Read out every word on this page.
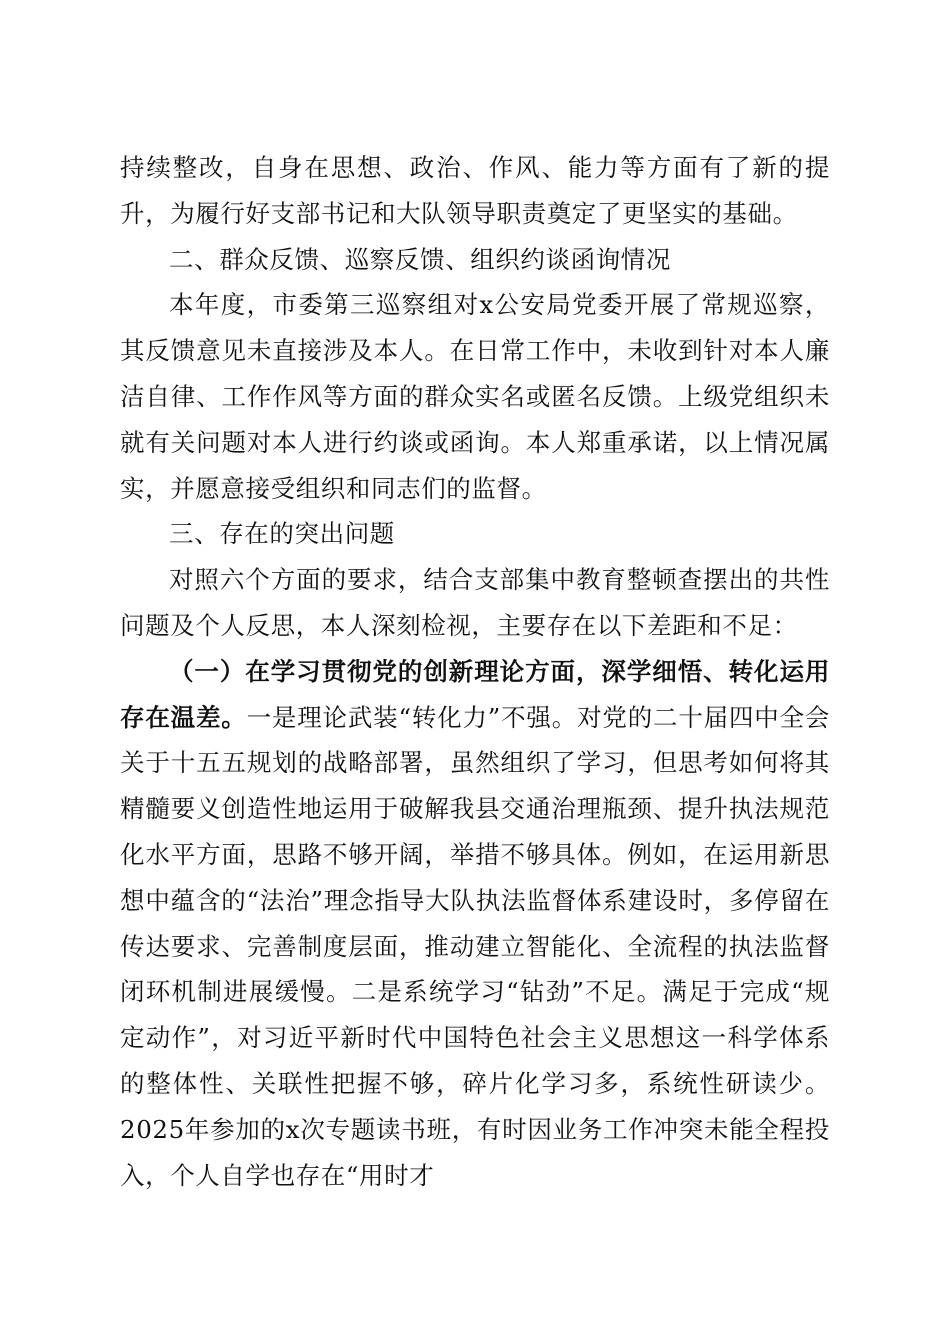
持续整改，自身在思想、政治、作风、能力等方面有了新的提升，为履行好支部书记和大队领导职责奠定了更坚实的基础。

二、群众反馈、巡察反馈、组织约谈函询情况

本年度，市委第三巡察组对x公安局党委开展了常规巡察，其反馈意见未直接涉及本人。在日常工作中，未收到针对本人廉洁自律、工作作风等方面的群众实名或匿名反馈。上级党组织未就有关问题对本人进行约谈或函询。本人郑重承诺，以上情况属实，并愿意接受组织和同志们的监督。

三、存在的突出问题

对照六个方面的要求，结合支部集中教育整顿查摆出的共性问题及个人反思，本人深刻检视，主要存在以下差距和不足：

（一）在学习贯彻党的创新理论方面，深学细悟、转化运用存在温差。一是理论武装“转化力”不强。对党的二十届四中全会关于十五五规划的战略部署，虽然组织了学习，但思考如何将其精髓要义创造性地运用于破解我县交通治理瓶颈、提升执法规范化水平方面，思路不够开阔，举措不够具体。例如，在运用新思想中蕴含的“法治”理念指导大队执法监督体系建设时，多停留在传达要求、完善制度层面，推动建立智能化、全流程的执法监督闭环机制进展缓慢。二是系统学习“钻劲”不足。满足于完成“规定动作”，对习近平新时代中国特色社会主义思想这一科学体系的整体性、关联性把握不够，碎片化学习多，系统性研读少。2025年参加的x次专题读书班，有时因业务工作冲突未能全程投入，个人自学也存在“用时才
